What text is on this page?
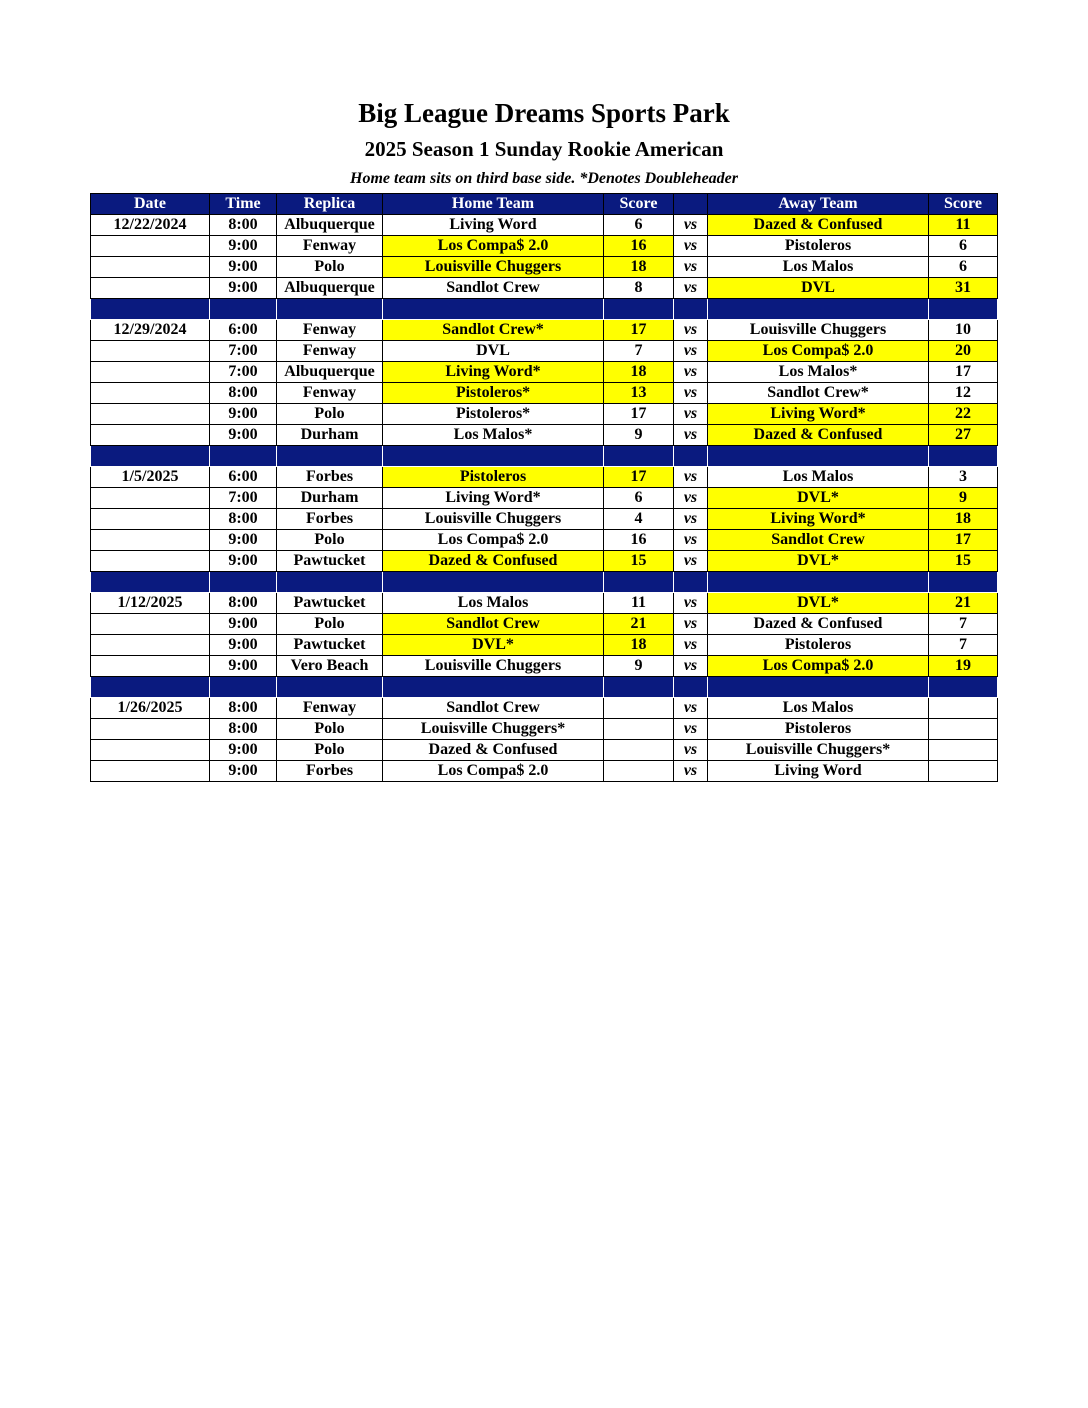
Big League Dreams Sports Park
2025 Season 1 Sunday Rookie American
Home team sits on third base side. *Denotes Doubleheader
Date	Time	Replica	Home Team	Score		Away Team	Score
12/22/2024	8:00	Albuquerque	Living Word	6	vs	Dazed & Confused	11
	9:00	Fenway	Los Compa$ 2.0	16	vs	Pistoleros	6
	9:00	Polo	Louisville Chuggers	18	vs	Los Malos	6
	9:00	Albuquerque	Sandlot Crew	8	vs	DVL	31

12/29/2024	6:00	Fenway	Sandlot Crew*	17	vs	Louisville Chuggers	10
	7:00	Fenway	DVL	7	vs	Los Compa$ 2.0	20
	7:00	Albuquerque	Living Word*	18	vs	Los Malos*	17
	8:00	Fenway	Pistoleros*	13	vs	Sandlot Crew*	12
	9:00	Polo	Pistoleros*	17	vs	Living Word*	22
	9:00	Durham	Los Malos*	9	vs	Dazed & Confused	27

1/5/2025	6:00	Forbes	Pistoleros	17	vs	Los Malos	3
	7:00	Durham	Living Word*	6	vs	DVL*	9
	8:00	Forbes	Louisville Chuggers	4	vs	Living Word*	18
	9:00	Polo	Los Compa$ 2.0	16	vs	Sandlot Crew	17
	9:00	Pawtucket	Dazed & Confused	15	vs	DVL*	15

1/12/2025	8:00	Pawtucket	Los Malos	11	vs	DVL*	21
	9:00	Polo	Sandlot Crew	21	vs	Dazed & Confused	7
	9:00	Pawtucket	DVL*	18	vs	Pistoleros	7
	9:00	Vero Beach	Louisville Chuggers	9	vs	Los Compa$ 2.0	19

1/26/2025	8:00	Fenway	Sandlot Crew		vs	Los Malos	
	8:00	Polo	Louisville Chuggers*		vs	Pistoleros	
	9:00	Polo	Dazed & Confused		vs	Louisville Chuggers*	
	9:00	Forbes	Los Compa$ 2.0		vs	Living Word	
